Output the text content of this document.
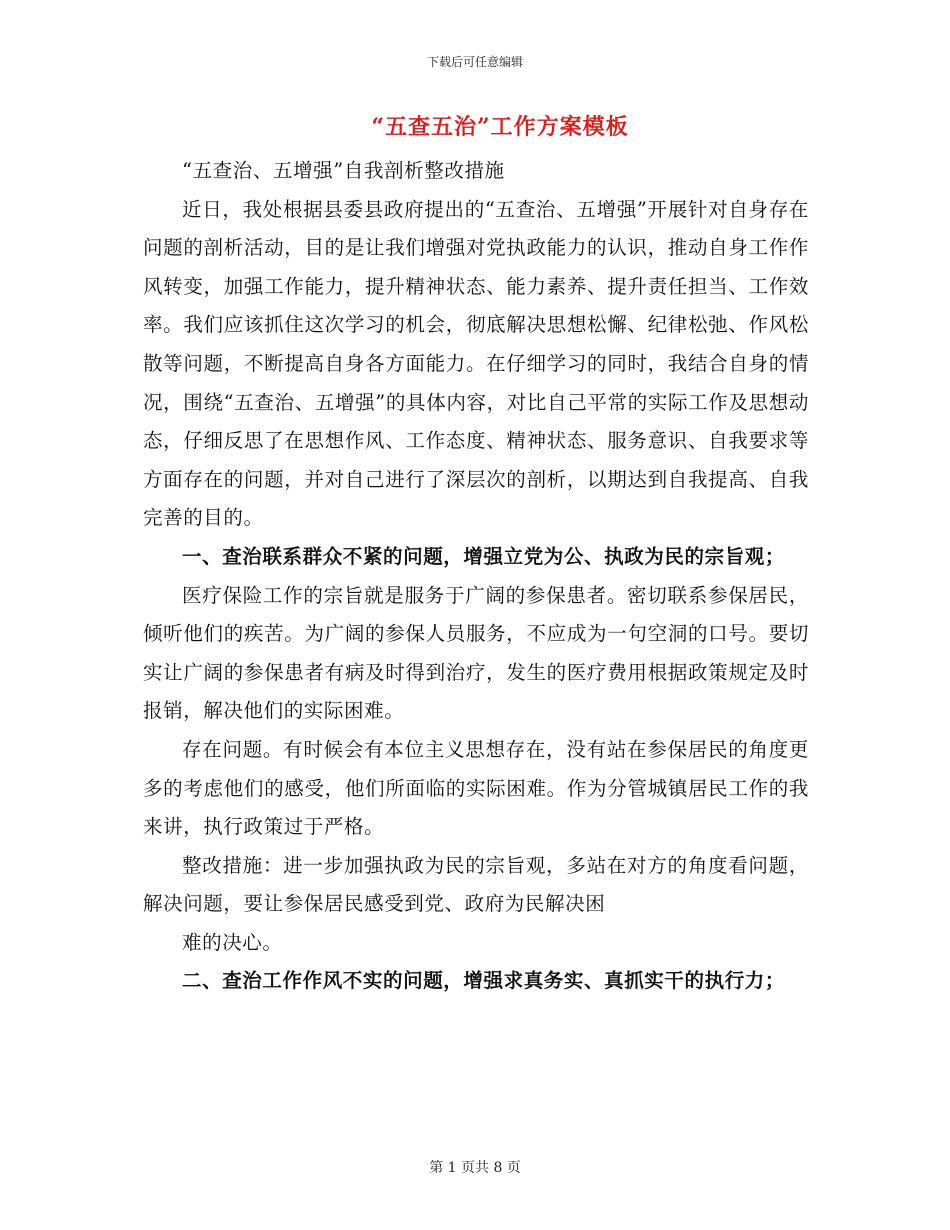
下载后可任意编辑
“五查五治”工作方案模板

“五查治、五增强”自我剖析整改措施

近日，我处根据县委县政府提出的“五查治、五增强”开展针对自身存在问题的剖析活动，目的是让我们增强对党执政能力的认识，推动自身工作作风转变，加强工作能力，提升精神状态、能力素养、提升责任担当、工作效率。我们应该抓住这次学习的机会，彻底解决思想松懈、纪律松弛、作风松散等问题，不断提高自身各方面能力。在仔细学习的同时，我结合自身的情况，围绕“五查治、五增强”的具体内容，对比自己平常的实际工作及思想动态，仔细反思了在思想作风、工作态度、精神状态、服务意识、自我要求等方面存在的问题，并对自己进行了深层次的剖析，以期达到自我提高、自我完善的目的。

一、查治联系群众不紧的问题，增强立党为公、执政为民的宗旨观；

医疗保险工作的宗旨就是服务于广阔的参保患者。密切联系参保居民，倾听他们的疾苦。为广阔的参保人员服务，不应成为一句空洞的口号。要切实让广阔的参保患者有病及时得到治疗，发生的医疗费用根据政策规定及时报销，解决他们的实际困难。

存在问题。有时候会有本位主义思想存在，没有站在参保居民的角度更多的考虑他们的感受，他们所面临的实际困难。作为分管城镇居民工作的我来讲，执行政策过于严格。

整改措施：进一步加强执政为民的宗旨观，多站在对方的角度看问题，解决问题，要让参保居民感受到党、政府为民解决困

难的决心。

二、查治工作作风不实的问题，增强求真务实、真抓实干的执行力；

第 1 页共 8 页
